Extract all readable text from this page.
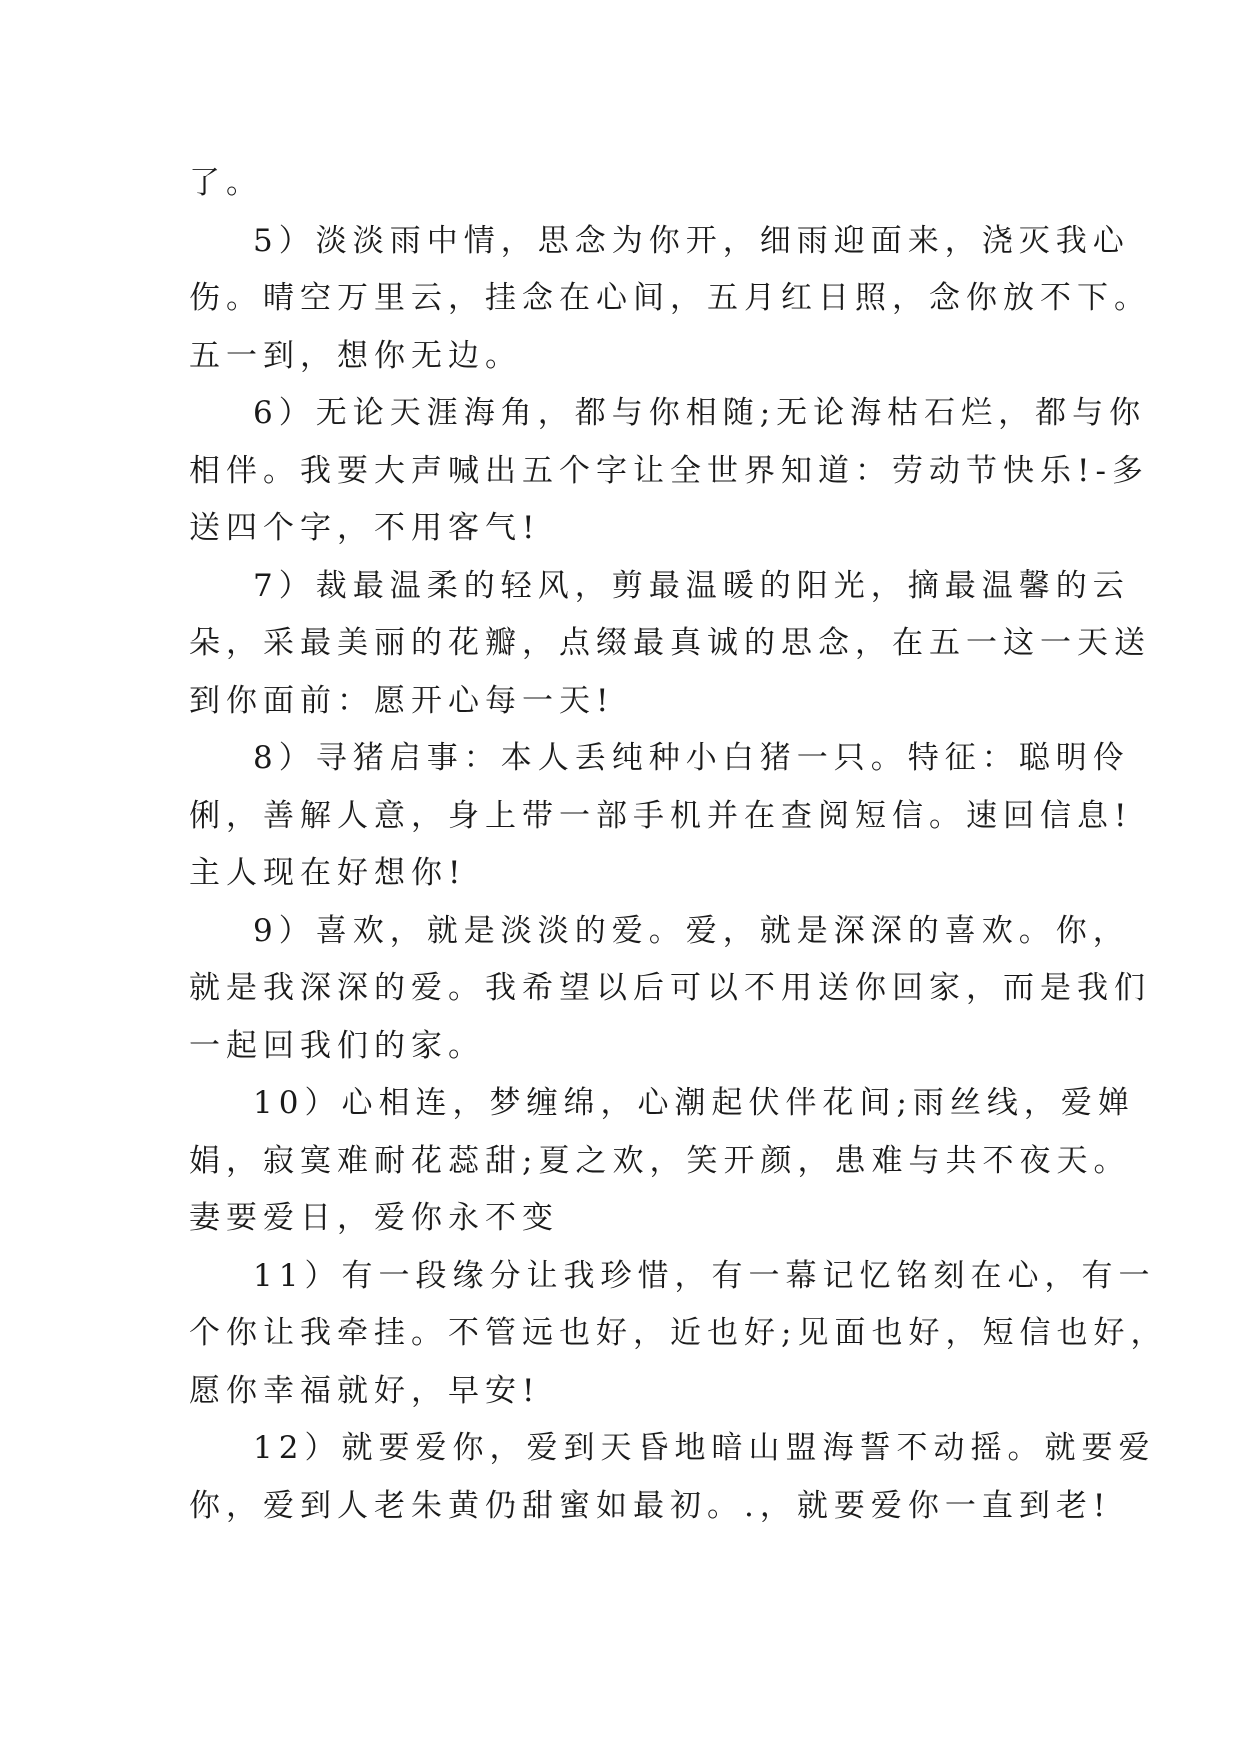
了。

5）淡淡雨中情，思念为你开，细雨迎面来，浇灭我心
伤。晴空万里云，挂念在心间，五月红日照，念你放不下。
五一到，想你无边。

6）无论天涯海角，都与你相随;无论海枯石烂，都与你
相伴。我要大声喊出五个字让全世界知道：劳动节快乐!-多
送四个字，不用客气!

7）裁最温柔的轻风，剪最温暖的阳光，摘最温馨的云
朵，采最美丽的花瓣，点缀最真诚的思念，在五一这一天送
到你面前：愿开心每一天!

8）寻猪启事：本人丢纯种小白猪一只。特征：聪明伶
俐，善解人意，身上带一部手机并在查阅短信。速回信息!
主人现在好想你!

9）喜欢，就是淡淡的爱。爱，就是深深的喜欢。你，
就是我深深的爱。我希望以后可以不用送你回家，而是我们
一起回我们的家。

10）心相连，梦缠绵，心潮起伏伴花间;雨丝线，爱婵
娟，寂寞难耐花蕊甜;夏之欢，笑开颜，患难与共不夜天。
妻要爱日，爱你永不变

11）有一段缘分让我珍惜，有一幕记忆铭刻在心，有一
个你让我牵挂。不管远也好，近也好;见面也好，短信也好，
愿你幸福就好，早安!

12）就要爱你，爱到天昏地暗山盟海誓不动摇。就要爱
你，爱到人老朱黄仍甜蜜如最初。.，就要爱你一直到老!
